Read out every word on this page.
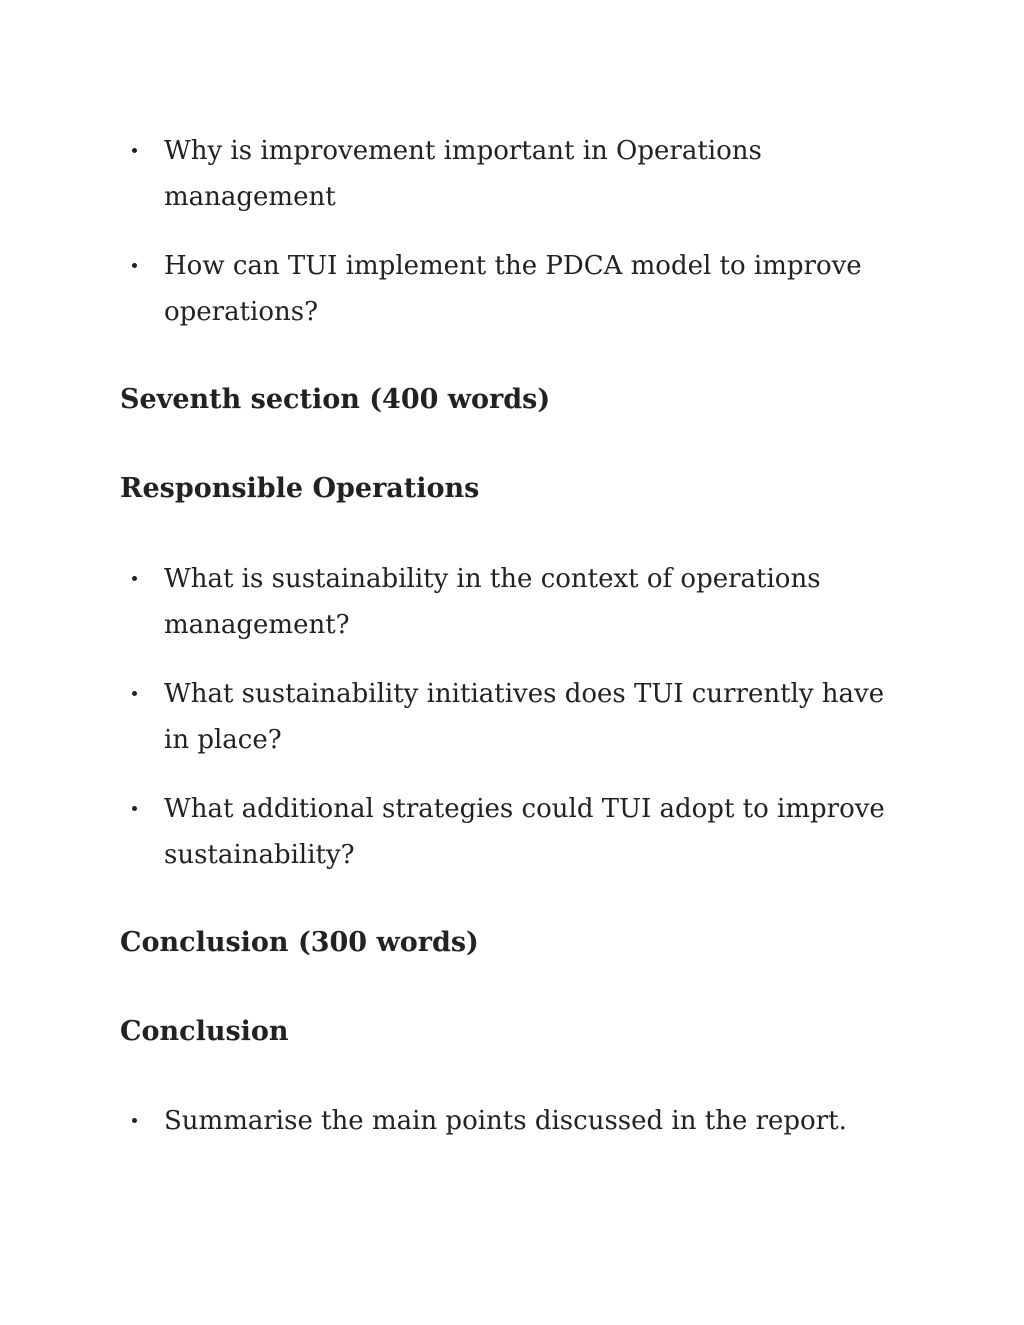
Why is improvement important in Operations management
How can TUI implement the PDCA model to improve operations?
Seventh section (400 words)
Responsible Operations
What is sustainability in the context of operations management?
What sustainability initiatives does TUI currently have in place?
What additional strategies could TUI adopt to improve sustainability?
Conclusion (300 words)
Conclusion
Summarise the main points discussed in the report.
